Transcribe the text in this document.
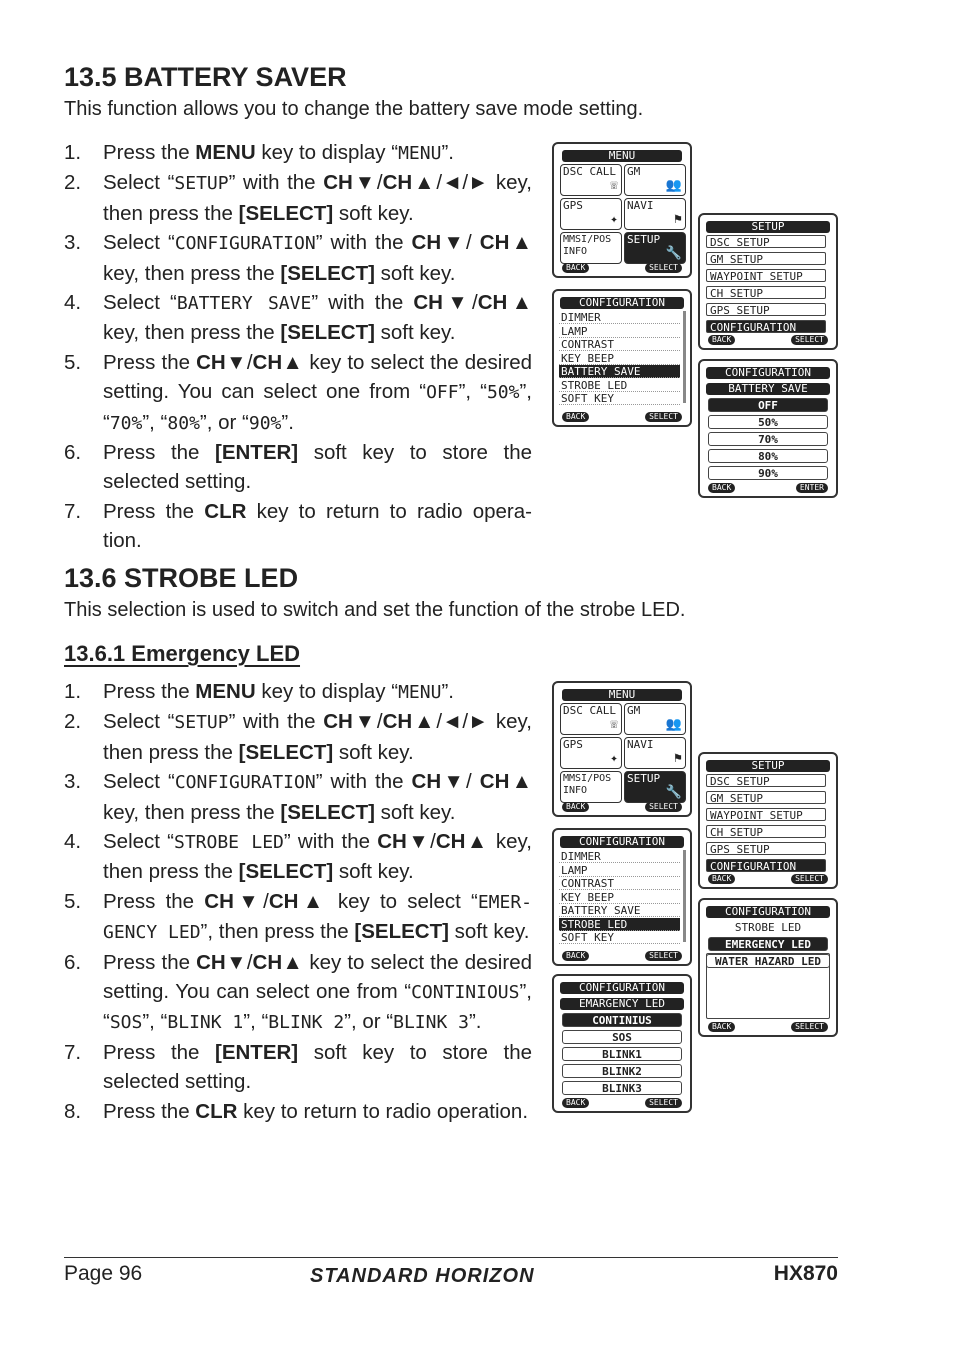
13.5 BATTERY SAVER
This function allows you to change the battery save mode setting.
1. Press the MENU key to display “MENU”.
2. Select “SETUP” with the CH▼/CH▲/◄/► key, then press the [SELECT] soft key.
3. Select “CONFIGURATION” with the CH▼/ CH▲ key, then press the [SELECT] soft key.
4. Select “BATTERY SAVE” with the CH▼/CH▲ key, then press the [SELECT] soft key.
5. Press the CH▼/CH▲ key to select the desired setting. You can select one from “OFF”, “50%”, “70%”, “80%”, or “90%”.
6. Press the [ENTER] soft key to store the selected setting.
7. Press the CLR key to return to radio opera-tion.
13.6 STROBE LED
This selection is used to switch and set the function of the strobe LED.
13.6.1 Emergency LED
1. Press the MENU key to display “MENU”.
2. Select “SETUP” with the CH▼/CH▲/◄/► key, then press the [SELECT] soft key.
3. Select “CONFIGURATION” with the CH▼/ CH▲ key, then press the [SELECT] soft key.
4. Select “STROBE LED” with the CH▼/CH▲ key, then press the [SELECT] soft key.
5. Press the CH▼/CH▲ key to select “EMER-GENCY LED”, then press the [SELECT] soft key.
6. Press the CH▼/CH▲ key to select the desired setting. You can select one from “CONTINIOUS”, “SOS”, “BLINK 1”, “BLINK 2”, or “BLINK 3”.
7. Press the [ENTER] soft key to store the selected setting.
8. Press the CLR key to return to radio operation.
MENU
DSC CALL
☏
GM
👥
GPS
✦
NAVI
⚑
MMSI/POS INFO
SETUP
🔧
BACK	SELECT
SETUP
DSC SETUP
GM SETUP
WAYPOINT SETUP
CH SETUP
GPS SETUP
CONFIGURATION
BACK	SELECT
CONFIGURATION
DIMMER
LAMP
CONTRAST
KEY BEEP
BATTERY SAVE
STROBE LED
SOFT KEY
BACK	SELECT
CONFIGURATION
BATTERY SAVE
OFF
50%
70%
80%
90%
BACK	ENTER
MENU
DSC CALL
☏
GM
👥
GPS
✦
NAVI
⚑
MMSI/POS INFO
SETUP
🔧
BACK	SELECT
SETUP
DSC SETUP
GM SETUP
WAYPOINT SETUP
CH SETUP
GPS SETUP
CONFIGURATION
BACK	SELECT
CONFIGURATION
DIMMER
LAMP
CONTRAST
KEY BEEP
BATTERY SAVE
STROBE LED
SOFT KEY
BACK	SELECT
CONFIGURATION
STROBE LED
EMERGENCY LED
WATER HAZARD LED
BACK	SELECT
CONFIGURATION
EMARGENCY LED
CONTINIUS
SOS
BLINK1
BLINK2
BLINK3
BACK	SELECT
Page 96	STANDARD HORIZON	HX870
